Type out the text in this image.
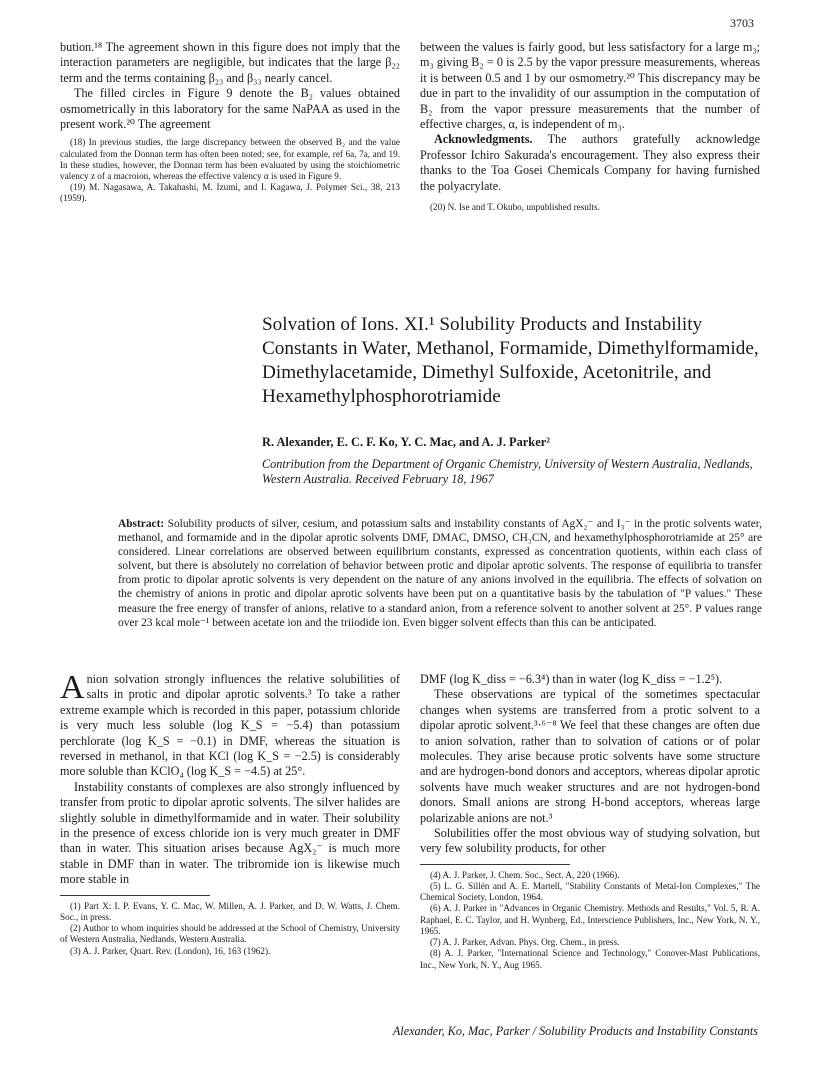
3703

bution.¹⁸ The agreement shown in this figure does not imply that the interaction parameters are negligible, but indicates that the large β₂₂ term and the terms containing β₂₃ and β₃₃ nearly cancel.

The filled circles in Figure 9 denote the B₂ values obtained osmometrically in this laboratory for the same NaPAA as used in the present work.²⁰ The agreement

(18) In previous studies, the large discrepancy between the observed B₂ and the value calculated from the Donnan term has often been noted; see, for example, ref 6a, 7a, and 19. In these studies, however, the Donnan term has been evaluated by using the stoichiometric valency z of a macroion, whereas the effective valency α is used in Figure 9.
(19) M. Nagasawa, A. Takahashi, M. Izumi, and I. Kagawa, J. Polymer Sci., 38, 213 (1959).

between the values is fairly good, but less satisfactory for a large m₃; m₃ giving B₂ = 0 is 2.5 by the vapor pressure measurements, whereas it is between 0.5 and 1 by our osmometry.²⁰ This discrepancy may be due in part to the invalidity of our assumption in the computation of B₂ from the vapor pressure measurements that the number of effective charges, α, is independent of m₃.

Acknowledgments. The authors gratefully acknowledge Professor Ichiro Sakurada's encouragement. They also express their thanks to the Toa Gosei Chemicals Company for having furnished the polyacrylate.

(20) N. Ise and T. Okubo, unpublished results.
Solvation of Ions. XI.¹ Solubility Products and Instability Constants in Water, Methanol, Formamide, Dimethylformamide, Dimethylacetamide, Dimethyl Sulfoxide, Acetonitrile, and Hexamethylphosphorotriamide
R. Alexander, E. C. F. Ko, Y. C. Mac, and A. J. Parker²
Contribution from the Department of Organic Chemistry, University of Western Australia, Nedlands, Western Australia. Received February 18, 1967
Abstract: Solubility products of silver, cesium, and potassium salts and instability constants of AgX₂⁻ and I₃⁻ in the protic solvents water, methanol, and formamide and in the dipolar aprotic solvents DMF, DMAC, DMSO, CH₃CN, and hexamethylphosphorotriamide at 25° are considered. Linear correlations are observed between equilibrium constants, expressed as concentration quotients, within each class of solvent, but there is absolutely no correlation of behavior between protic and dipolar aprotic solvents. The response of equilibria to transfer from protic to dipolar aprotic solvents is very dependent on the nature of any anions involved in the equilibria. The effects of solvation on the chemistry of anions in protic and dipolar aprotic solvents have been put on a quantitative basis by the tabulation of "P values." These measure the free energy of transfer of anions, relative to a standard anion, from a reference solvent to another solvent at 25°. P values range over 23 kcal mole⁻¹ between acetate ion and the triiodide ion. Even bigger solvent effects than this can be anticipated.

Anion solvation strongly influences the relative solubilities of salts in protic and dipolar aprotic solvents.³ To take a rather extreme example which is recorded in this paper, potassium chloride is very much less soluble (log K_S = −5.4) than potassium perchlorate (log K_S = −0.1) in DMF, whereas the situation is reversed in methanol, in that KCl (log K_S = −2.5) is considerably more soluble than KClO₄ (log K_S = −4.5) at 25°.

Instability constants of complexes are also strongly influenced by transfer from protic to dipolar aprotic solvents. The silver halides are slightly soluble in dimethylformamide and in water. Their solubility in the presence of excess chloride ion is very much greater in DMF than in water. This situation arises because AgX₂⁻ is much more stable in DMF than in water. The tribromide ion is likewise much more stable in

(1) Part X: I. P. Evans, Y. C. Mac, W. Millen, A. J. Parker, and D. W. Watts, J. Chem. Soc., in press.
(2) Author to whom inquiries should be addressed at the School of Chemistry, University of Western Australia, Nedlands, Western Australia.
(3) A. J. Parker, Quart. Rev. (London), 16, 163 (1962).

DMF (log K_diss = −6.3⁴) than in water (log K_diss = −1.2⁵).

These observations are typical of the sometimes spectacular changes when systems are transferred from a protic solvent to a dipolar aprotic solvent.³·⁶⁻⁸ We feel that these changes are often due to anion solvation, rather than to solvation of cations or of polar molecules. They arise because protic solvents have some structure and are hydrogen-bond donors and acceptors, whereas dipolar aprotic solvents have much weaker structures and are not hydrogen-bond donors. Small anions are strong H-bond acceptors, whereas large polarizable anions are not.³

Solubilities offer the most obvious way of studying solvation, but very few solubility products, for other

(4) A. J. Parker, J. Chem. Soc., Sect. A, 220 (1966).
(5) L. G. Sillén and A. E. Martell, "Stability Constants of Metal-Ion Complexes," The Chemical Society, London, 1964.
(6) A. J. Parker in "Advances in Organic Chemistry. Methods and Results," Vol. 5, R. A. Raphael, E. C. Taylor, and H. Wynberg, Ed., Interscience Publishers, Inc., New York, N. Y., 1965.
(7) A. J. Parker, Advan. Phys. Org. Chem., in press.
(8) A. J. Parker, "International Science and Technology," Conover-Mast Publications, Inc., New York, N. Y., Aug 1965.
Alexander, Ko, Mac, Parker / Solubility Products and Instability Constants
